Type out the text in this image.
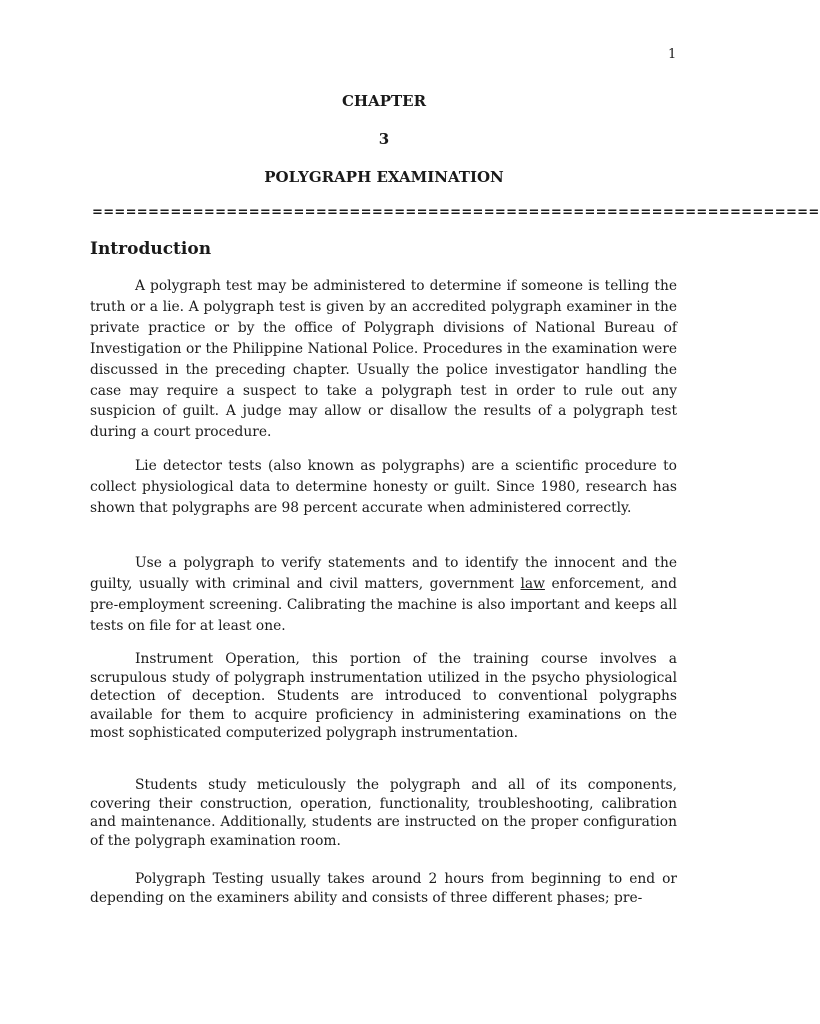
1
CHAPTER
3
POLYGRAPH EXAMINATION
=================================================================
Introduction

A polygraph test may be administered to determine if someone is telling the truth or a lie. A polygraph test is given by an accredited polygraph examiner in the private practice or by the office of Polygraph divisions of National Bureau of Investigation or the Philippine National Police. Procedures in the examination were discussed in the preceding chapter. Usually the police investigator handling the case may require a suspect to take a polygraph test in order to rule out any suspicion of guilt. A judge may allow or disallow the results of a polygraph test during a court procedure.

Lie detector tests (also known as polygraphs) are a scientific procedure to collect physiological data to determine honesty or guilt. Since 1980, research has shown that polygraphs are 98 percent accurate when administered correctly.

Use a polygraph to verify statements and to identify the innocent and the guilty, usually with criminal and civil matters, government law enforcement, and pre-employment screening. Calibrating the machine is also important and keeps all tests on file for at least one.

Instrument Operation, this portion of the training course involves a scrupulous study of polygraph instrumentation utilized in the psycho physiological detection of deception. Students are introduced to conventional polygraphs available for them to acquire proficiency in administering examinations on the most sophisticated computerized polygraph instrumentation.

Students study meticulously the polygraph and all of its components, covering their construction, operation, functionality, troubleshooting, calibration and maintenance. Additionally, students are instructed on the proper configuration of the polygraph examination room.

Polygraph Testing usually takes around 2 hours from beginning to end or depending on the examiners ability and consists of three different phases; pre-
